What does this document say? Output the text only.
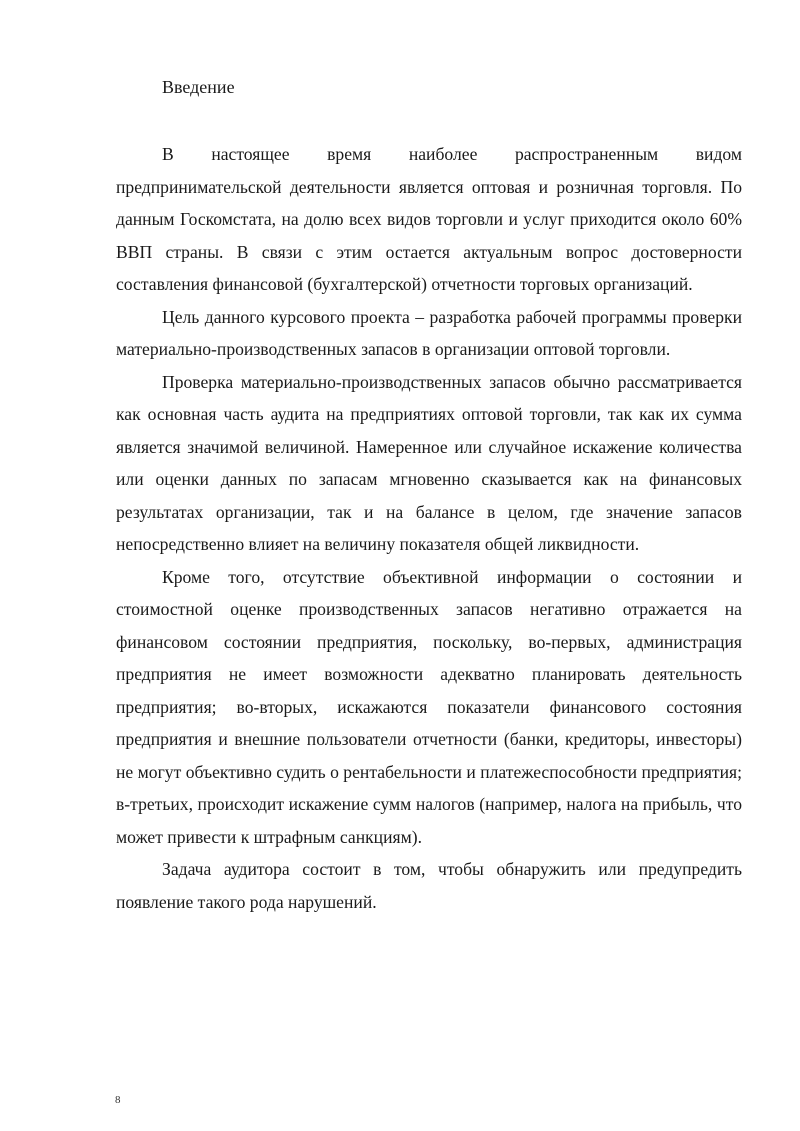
Введение

В настоящее время наиболее распространенным видом предпринимательской деятельности является оптовая и розничная торговля. По данным Госкомстата, на долю всех видов торговли и услуг приходится около 60% ВВП страны. В связи с этим остается актуальным вопрос достоверности составления финансовой (бухгалтерской) отчетности торговых организаций.

Цель данного курсового проекта – разработка рабочей программы проверки материально-производственных запасов в организации оптовой торговли.

Проверка материально-производственных запасов обычно рассматривается как основная часть аудита на предприятиях оптовой торговли, так как их сумма является значимой величиной. Намеренное или случайное искажение количества или оценки данных по запасам мгновенно сказывается как на финансовых результатах организации, так и на балансе в целом, где значение запасов непосредственно влияет на величину показателя общей ликвидности.

Кроме того, отсутствие объективной информации о состоянии и стоимостной оценке производственных запасов негативно отражается на финансовом состоянии предприятия, поскольку, во-первых, администрация предприятия не имеет возможности адекватно планировать деятельность предприятия; во-вторых, искажаются показатели финансового состояния предприятия и внешние пользователи отчетности (банки, кредиторы, инвесторы) не могут объективно судить о рентабельности и платежеспособности предприятия; в-третьих, происходит искажение сумм налогов (например, налога на прибыль, что может привести к штрафным санкциям).

Задача аудитора состоит в том, чтобы обнаружить или предупредить появление такого рода нарушений.

8
